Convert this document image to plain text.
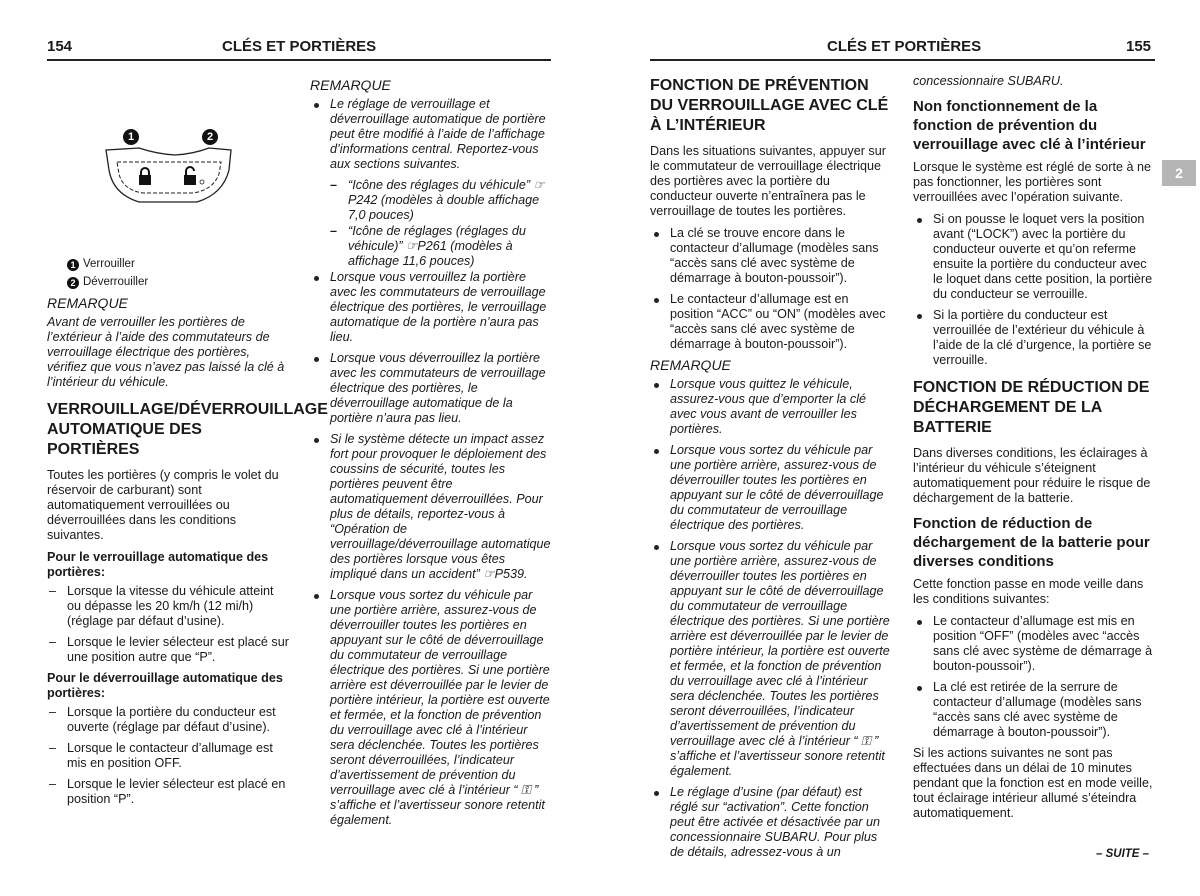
154	CLÉS ET PORTIÈRES	CLÉS ET PORTIÈRES	155
2
– SUITE –
1	2
1 Verrouiller
2 Déverrouiller
REMARQUE
Avant de verrouiller les portières de l’extérieur à l’aide des commutateurs de verrouillage électrique des portières, vérifiez que vous n’avez pas laissé la clé à l’intérieur du véhicule.
VERROUILLAGE/DÉVERROUILLAGE AUTOMATIQUE DES PORTIÈRES
Toutes les portières (y compris le volet du réservoir de carburant) sont automatiquement verrouillées ou déverrouillées dans les conditions suivantes.
Pour le verrouillage automatique des portières:
– Lorsque la vitesse du véhicule atteint ou dépasse les 20 km/h (12 mi/h) (réglage par défaut d’usine).
– Lorsque le levier sélecteur est placé sur une position autre que “P”.
Pour le déverrouillage automatique des portières:
– Lorsque la portière du conducteur est ouverte (réglage par défaut d’usine).
– Lorsque le contacteur d’allumage est mis en position OFF.
– Lorsque le levier sélecteur est placé en position “P”.
REMARQUE
Le réglage de verrouillage et déverrouillage automatique de portière peut être modifié à l’aide de l’affichage d’informations central. Reportez-vous aux sections suivantes.
– “Icône des réglages du véhicule” ☞P242 (modèles à double affichage 7,0 pouces)
– “Icône de réglages (réglages du véhicule)” ☞P261 (modèles à affichage 11,6 pouces)
Lorsque vous verrouillez la portière avec les commutateurs de verrouillage électrique des portières, le verrouillage automatique de la portière n’aura pas lieu.
Lorsque vous déverrouillez la portière avec les commutateurs de verrouillage électrique des portières, le déverrouillage automatique de la portière n’aura pas lieu.
Si le système détecte un impact assez fort pour provoquer le déploiement des coussins de sécurité, toutes les portières peuvent être automatiquement déverrouillées. Pour plus de détails, reportez-vous à “Opération de verrouillage/déverrouillage automatique des portières lorsque vous êtes impliqué dans un accident” ☞P539.
Lorsque vous sortez du véhicule par une portière arrière, assurez-vous de déverrouiller toutes les portières en appuyant sur le côté de déverrouillage du commutateur de verrouillage électrique des portières. Si une portière arrière est déverrouillée par le levier de portière intérieur, la portière est ouverte et fermée, et la fonction de prévention du verrouillage avec clé à l’intérieur sera déclenchée. Toutes les portières seront déverrouillées, l’indicateur d’avertissement de prévention du verrouillage avec clé à l’intérieur “ ⚿ ” s’affiche et l’avertisseur sonore retentit également.
FONCTION DE PRÉVENTION DU VERROUILLAGE AVEC CLÉ À L’INTÉRIEUR
Dans les situations suivantes, appuyer sur le commutateur de verrouillage électrique des portières avec la portière du conducteur ouverte n’entraînera pas le verrouillage de toutes les portières.
La clé se trouve encore dans le contacteur d’allumage (modèles sans “accès sans clé avec système de démarrage à bouton-poussoir”).
Le contacteur d’allumage est en position “ACC” ou “ON” (modèles avec “accès sans clé avec système de démarrage à bouton-poussoir”).
REMARQUE
Lorsque vous quittez le véhicule, assurez-vous que d’emporter la clé avec vous avant de verrouiller les portières.
Lorsque vous sortez du véhicule par une portière arrière, assurez-vous de déverrouiller toutes les portières en appuyant sur le côté de déverrouillage du commutateur de verrouillage électrique des portières.
Lorsque vous sortez du véhicule par une portière arrière, assurez-vous de déverrouiller toutes les portières en appuyant sur le côté de déverrouillage du commutateur de verrouillage électrique des portières. Si une portière arrière est déverrouillée par le levier de portière intérieur, la portière est ouverte et fermée, et la fonction de prévention du verrouillage avec clé à l’intérieur sera déclenchée. Toutes les portières seront déverrouillées, l’indicateur d’avertissement de prévention du verrouillage avec clé à l’intérieur “ ⚿ ” s’affiche et l’avertisseur sonore retentit également.
Le réglage d’usine (par défaut) est réglé sur “activation”. Cette fonction peut être activée et désactivée par un concessionnaire SUBARU. Pour plus de détails, adressez-vous à un
concessionnaire SUBARU.
Non fonctionnement de la fonction de prévention du verrouillage avec clé à l’intérieur
Lorsque le système est réglé de sorte à ne pas fonctionner, les portières sont verrouillées avec l’opération suivante.
Si on pousse le loquet vers la position avant (“LOCK”) avec la portière du conducteur ouverte et qu’on referme ensuite la portière du conducteur avec le loquet dans cette position, la portière du conducteur se verrouille.
Si la portière du conducteur est verrouillée de l’extérieur du véhicule à l’aide de la clé d’urgence, la portière se verrouille.
FONCTION DE RÉDUCTION DE DÉCHARGEMENT DE LA BATTERIE
Dans diverses conditions, les éclairages à l’intérieur du véhicule s’éteignent automatiquement pour réduire le risque de déchargement de la batterie.
Fonction de réduction de déchargement de la batterie pour diverses conditions
Cette fonction passe en mode veille dans les conditions suivantes:
Le contacteur d’allumage est mis en position “OFF” (modèles avec “accès sans clé avec système de démarrage à bouton-poussoir”).
La clé est retirée de la serrure de contacteur d’allumage (modèles sans “accès sans clé avec système de démarrage à bouton-poussoir”).
Si les actions suivantes ne sont pas effectuées dans un délai de 10 minutes pendant que la fonction est en mode veille, tout éclairage intérieur allumé s’éteindra automatiquement.
